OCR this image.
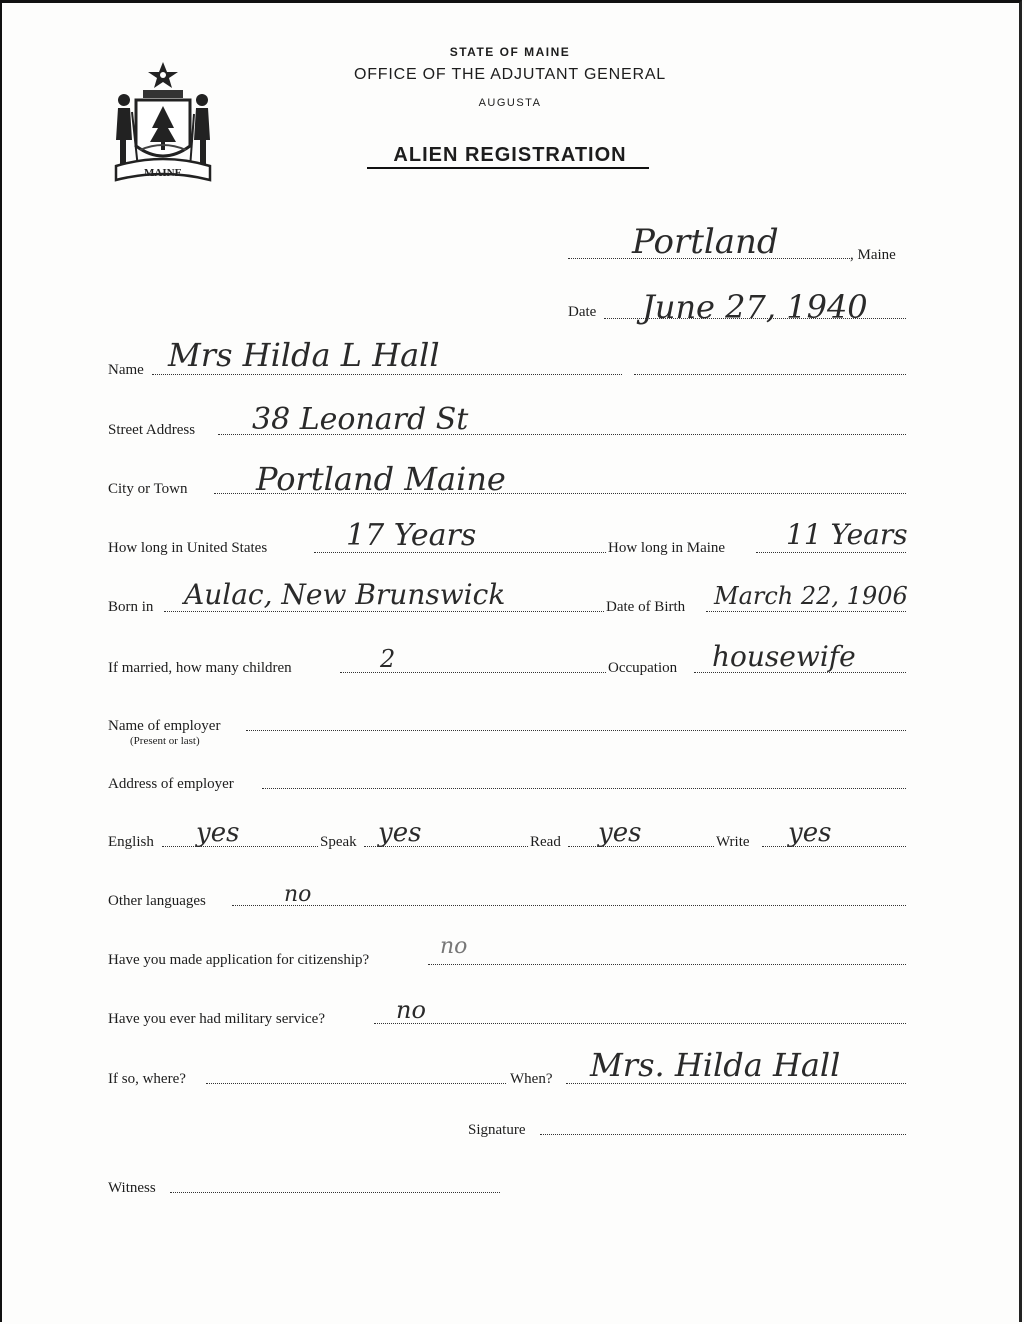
MAINE
STATE OF MAINE
OFFICE OF THE ADJUTANT GENERAL
AUGUSTA
ALIEN REGISTRATION
Portland	, Maine
Date June 27, 1940
Name Mrs Hilda L Hall
Street Address 38 Leonard St
City or Town Portland Maine
How long in United States	17 Years	How long in Maine 11 Years
Born in Aulac, New Brunswick	Date of Birth March 22, 1906
If married, how many children	2	Occupation housewife
Name of employer
(Present or last)
Address of employer
English yes	Speak yes	Read yes	Write yes
Other languages	no
Have you made application for citizenship?
no
Have you ever had military service?	no
If so, where?	When? Mrs. Hilda Hall
Signature
Witness
